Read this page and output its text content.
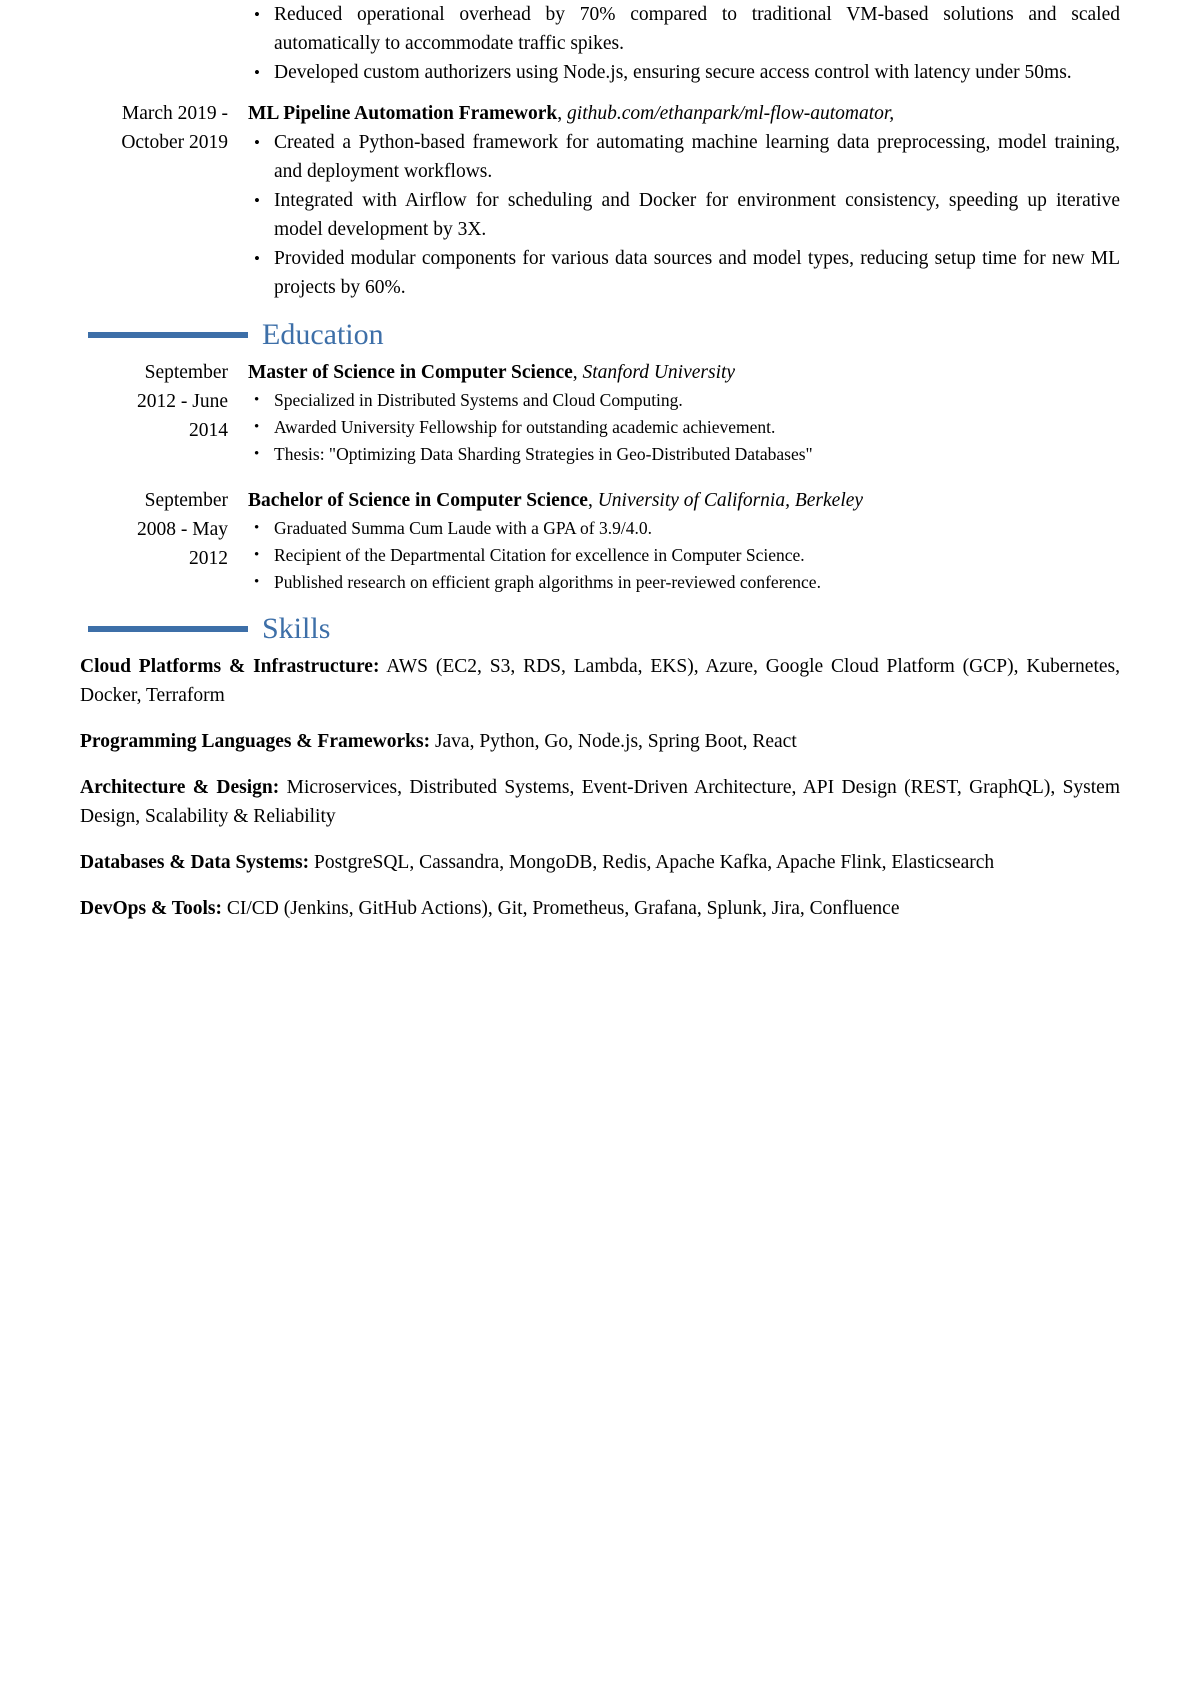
• Reduced operational overhead by 70% compared to traditional VM-based solutions and scaled automatically to accommodate traffic spikes.
• Developed custom authorizers using Node.js, ensuring secure access control with latency under 50ms.
March 2019 -
October 2019

ML Pipeline Automation Framework, github.com/ethanpark/ml-flow-automator,

• Created a Python-based framework for automating machine learning data preprocessing, model training, and deployment workflows.
• Integrated with Airflow for scheduling and Docker for environment consistency, speeding up iterative model development by 3X.
• Provided modular components for various data sources and model types, reducing setup time for new ML projects by 60%.
Education
September
2012 - June
2014

Master of Science in Computer Science, Stanford University

• Specialized in Distributed Systems and Cloud Computing.
• Awarded University Fellowship for outstanding academic achievement.
• Thesis: "Optimizing Data Sharding Strategies in Geo-Distributed Databases"
September
2008 - May
2012

Bachelor of Science in Computer Science, University of California, Berkeley

• Graduated Summa Cum Laude with a GPA of 3.9/4.0.
• Recipient of the Departmental Citation for excellence in Computer Science.
• Published research on efficient graph algorithms in peer-reviewed conference.
Skills

Cloud Platforms & Infrastructure: AWS (EC2, S3, RDS, Lambda, EKS), Azure, Google Cloud Platform (GCP), Kubernetes, Docker, Terraform

Programming Languages & Frameworks: Java, Python, Go, Node.js, Spring Boot, React

Architecture & Design: Microservices, Distributed Systems, Event-Driven Architecture, API Design (REST, GraphQL), System Design, Scalability & Reliability

Databases & Data Systems: PostgreSQL, Cassandra, MongoDB, Redis, Apache Kafka, Apache Flink, Elasticsearch

DevOps & Tools: CI/CD (Jenkins, GitHub Actions), Git, Prometheus, Grafana, Splunk, Jira, Confluence
